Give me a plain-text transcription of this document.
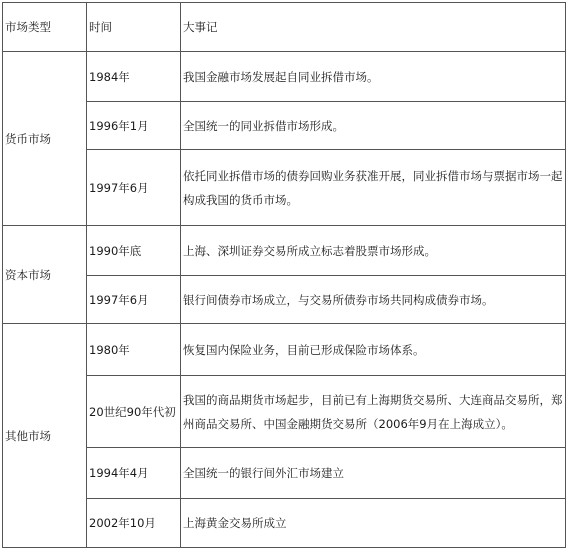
市场类型	时间	大事记
货币市场	1984年	我国金融市场发展起自同业拆借市场。
	1996年1月	全国统一的同业拆借市场形成。
	1997年6月	依托同业拆借市场的债券回购业务获准开展，同业拆借市场与票据市场一起构成我国的货币市场。
资本市场	1990年底	上海、深圳证券交易所成立标志着股票市场形成。
	1997年6月	银行间债券市场成立，与交易所债券市场共同构成债券市场。
其他市场	1980年	恢复国内保险业务，目前已形成保险市场体系。
	20世纪90年代初	我国的商品期货市场起步，目前已有上海期货交易所、大连商品交易所，郑州商品交易所、中国金融期货交易所（2006年9月在上海成立）。
	1994年4月	全国统一的银行间外汇市场建立
	2002年10月	上海黄金交易所成立
